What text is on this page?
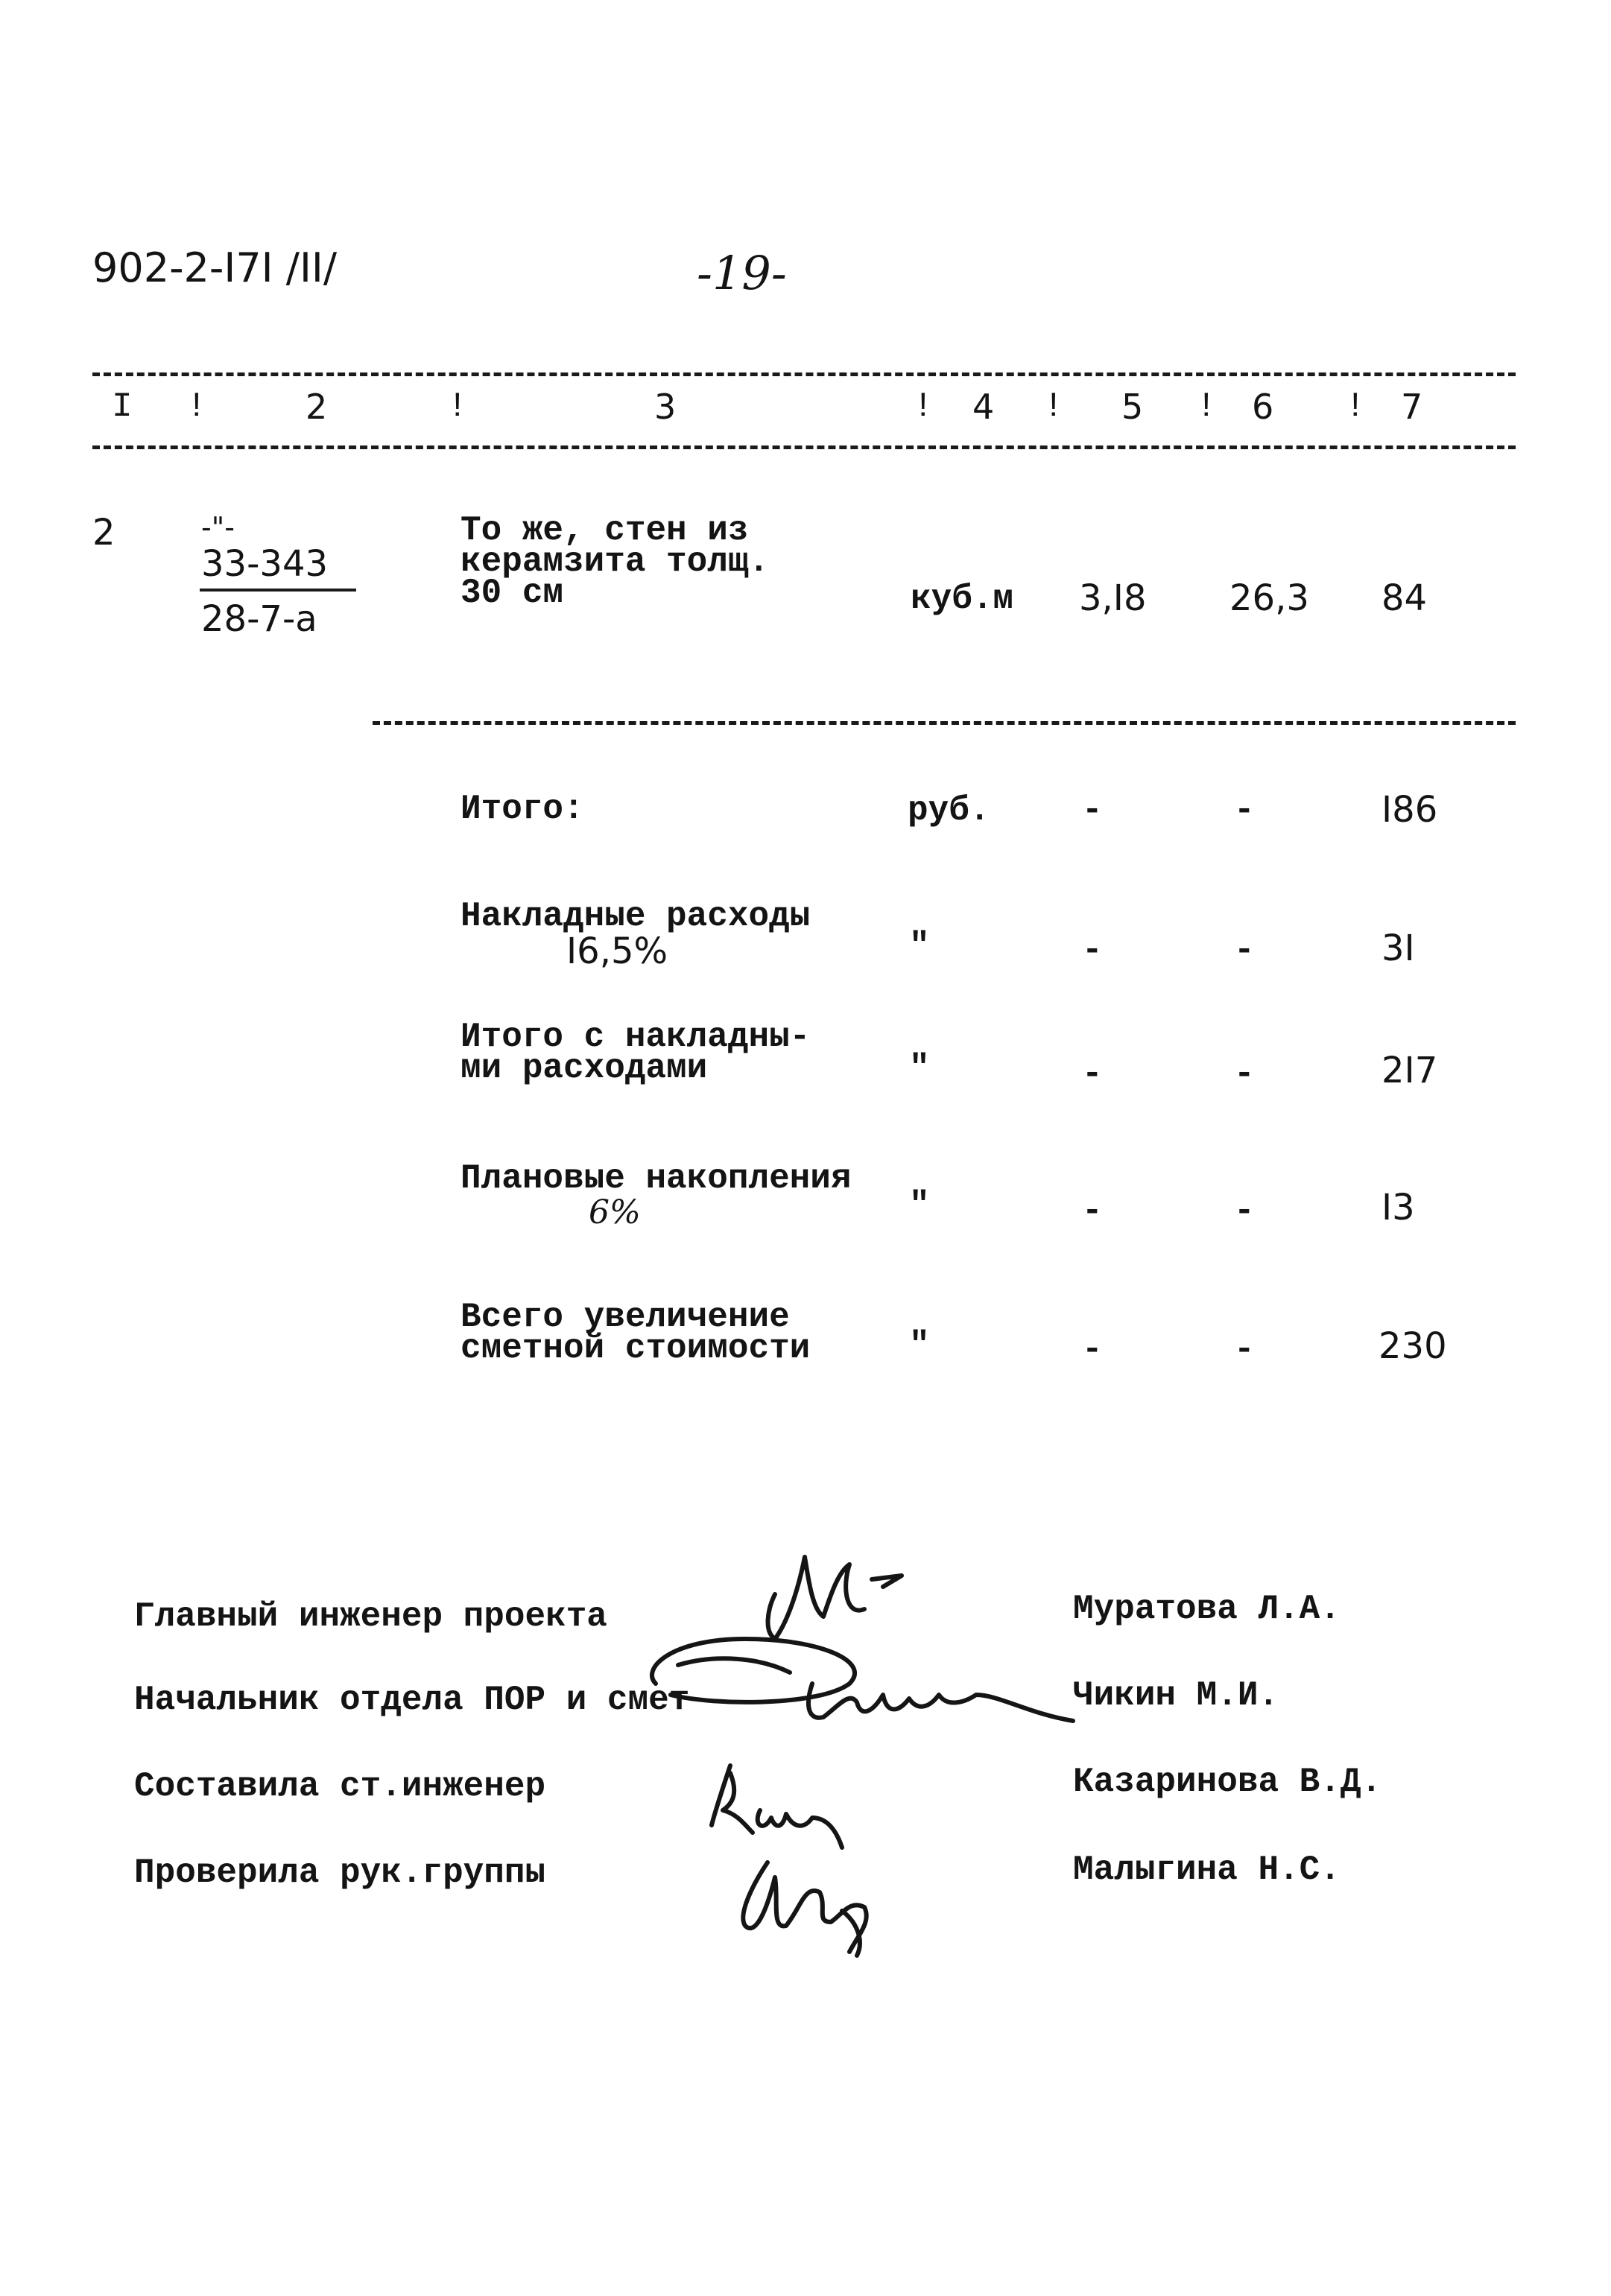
902-2-I7I /II/	-19-
I !	2	!	3	! 4 ! 5 ! 6 ! 7
2	-"-
33-343
28-7-a
То же, стен из
керамзита толщ.
30 см	куб.м 3,I8 26,3 84
Итого:	руб.	-	-	I86
Накладные расходы
I6,5%	"	-	-	3I
Итого с накладны-
ми расходами	"	-	-	2I7
Плановые накопления
6%	"	-	-	I3
Всего увеличение
сметной стоимости	"	-	-	230
Главный инженер проекта	Муратова Л.А.
Начальник отдела ПОР и смет	Чикин М.И.
Составила ст.инженер	Казаринова В.Д.
Проверила рук.группы	Малыгина Н.С.
